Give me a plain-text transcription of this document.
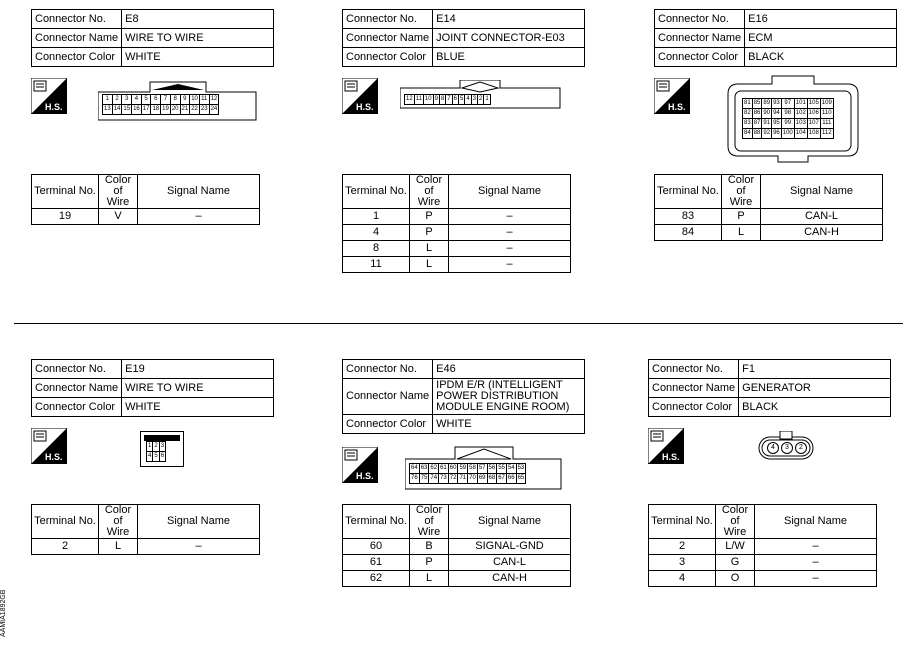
Connector No.	E8
Connector Name	WIRE TO WIRE
Connector Color	WHITE
H.S.
1	2	3	4	5	6	7	8	9	10	11	12
13	14	15	16	17	18	19	20	21	22	23	24
Terminal No.	Color of Wire	Signal Name
19	V	–
Connector No.	E14
Connector Name	JOINT CONNECTOR-E03
Connector Color	BLUE
H.S.
12	11	10	9	8	7	6	5	4	3	2	1
Terminal No.	Color of Wire	Signal Name
1	P	–
4	P	–
8	L	–
11	L	–
Connector No.	E16
Connector Name	ECM
Connector Color	BLACK
H.S.	81	85	89	93	97	101	105	109
82	86	90	94	98	102	106	110
83	87	91	95	99	103	107	111
84	88	92	96	100	104	108	112
Terminal No.	Color of Wire	Signal Name
83	P	CAN-L
84	L	CAN-H
Connector No.	E19
Connector Name	WIRE TO WIRE
Connector Color	WHITE
H.S.
1	2	3
4	5	6
Terminal No.	Color of Wire	Signal Name
2	L	–
Connector No.	E46
Connector Name	IPDM E/R (INTELLIGENT POWER DISTRIBUTION MODULE ENGINE ROOM)
Connector Color	WHITE
H.S.
64	63	62	61	60	59	58	57	56	55	54	53
76	75	74	73	72	71	70	69	68	67	66	65
Terminal No.	Color of Wire	Signal Name
60	B	SIGNAL-GND
61	P	CAN-L
62	L	CAN-H
Connector No.	F1
Connector Name	GENERATOR
Connector Color	BLACK
H.S.
4	3	2
Terminal No.	Color of Wire	Signal Name
2	L/W	–
3	G	–
4	O	–
AAMIA1892GB
